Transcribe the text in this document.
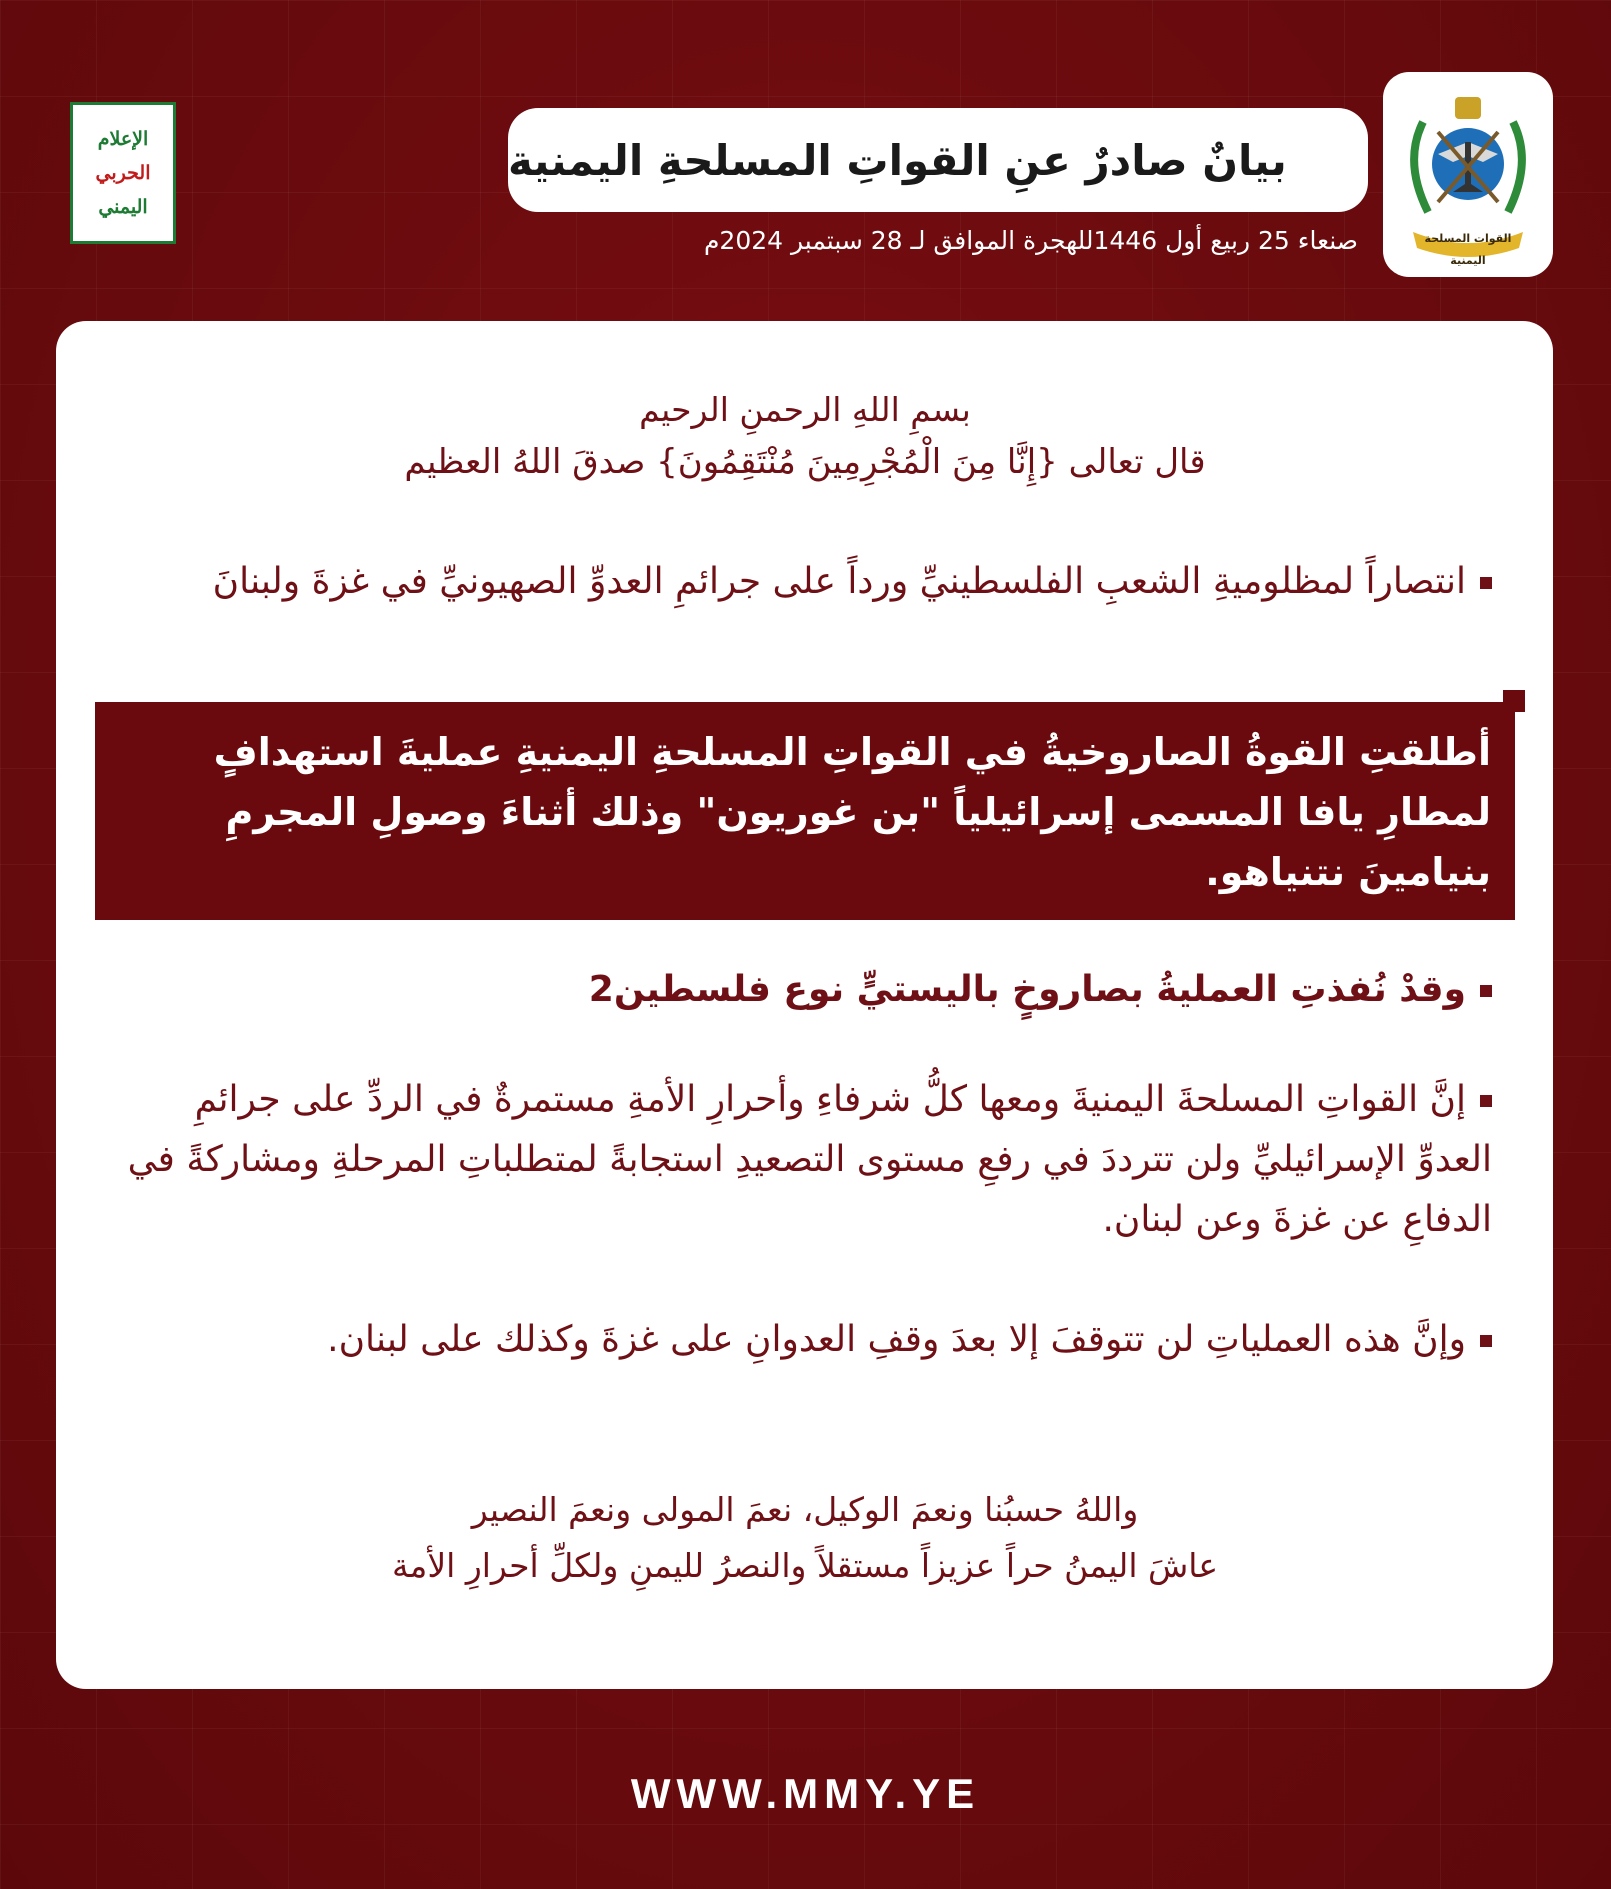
القوات المسلحة اليمنية
الإعلام
الحربي
اليمني
بيانٌ صادرٌ عنِ القواتِ المسلحةِ اليمنية
صنعاء 25 ربيع أول 1446للهجرة الموافق لـ 28 سبتمبر 2024م
بسمِ اللهِ الرحمنِ الرحيم
قال تعالى {إِنَّا مِنَ الْمُجْرِمِينَ مُنْتَقِمُونَ} صدقَ اللهُ العظيم
انتصاراً لمظلوميةِ الشعبِ الفلسطينيِّ ورداً على جرائمِ العدوِّ الصهيونيِّ في غزةَ ولبنانَ
أطلقتِ القوةُ الصاروخيةُ في القواتِ المسلحةِ اليمنيةِ عمليةَ استهدافٍ لمطارِ يافا المسمى إسرائيلياً "بن غوريون" وذلك أثناءَ وصولِ المجرمِ بنيامينَ نتنياهو.
وقدْ نُفذتِ العمليةُ بصاروخٍ باليستيٍّ نوع فلسطين2
إنَّ القواتِ المسلحةَ اليمنيةَ ومعها كلُّ شرفاءِ وأحرارِ الأمةِ مستمرةٌ في الردِّ على جرائمِ العدوِّ الإسرائيليِّ ولن تترددَ في رفعِ مستوى التصعيدِ استجابةً لمتطلباتِ المرحلةِ ومشاركةً في الدفاعِ عن غزةَ وعن لبنان.
وإنَّ هذه العملياتِ لن تتوقفَ إلا بعدَ وقفِ العدوانِ على غزةَ وكذلك على لبنان.
واللهُ حسبُنا ونعمَ الوكيل، نعمَ المولى ونعمَ النصير
عاشَ اليمنُ حراً عزيزاً مستقلاً والنصرُ لليمنِ ولكلِّ أحرارِ الأمة
WWW.MMY.YE
